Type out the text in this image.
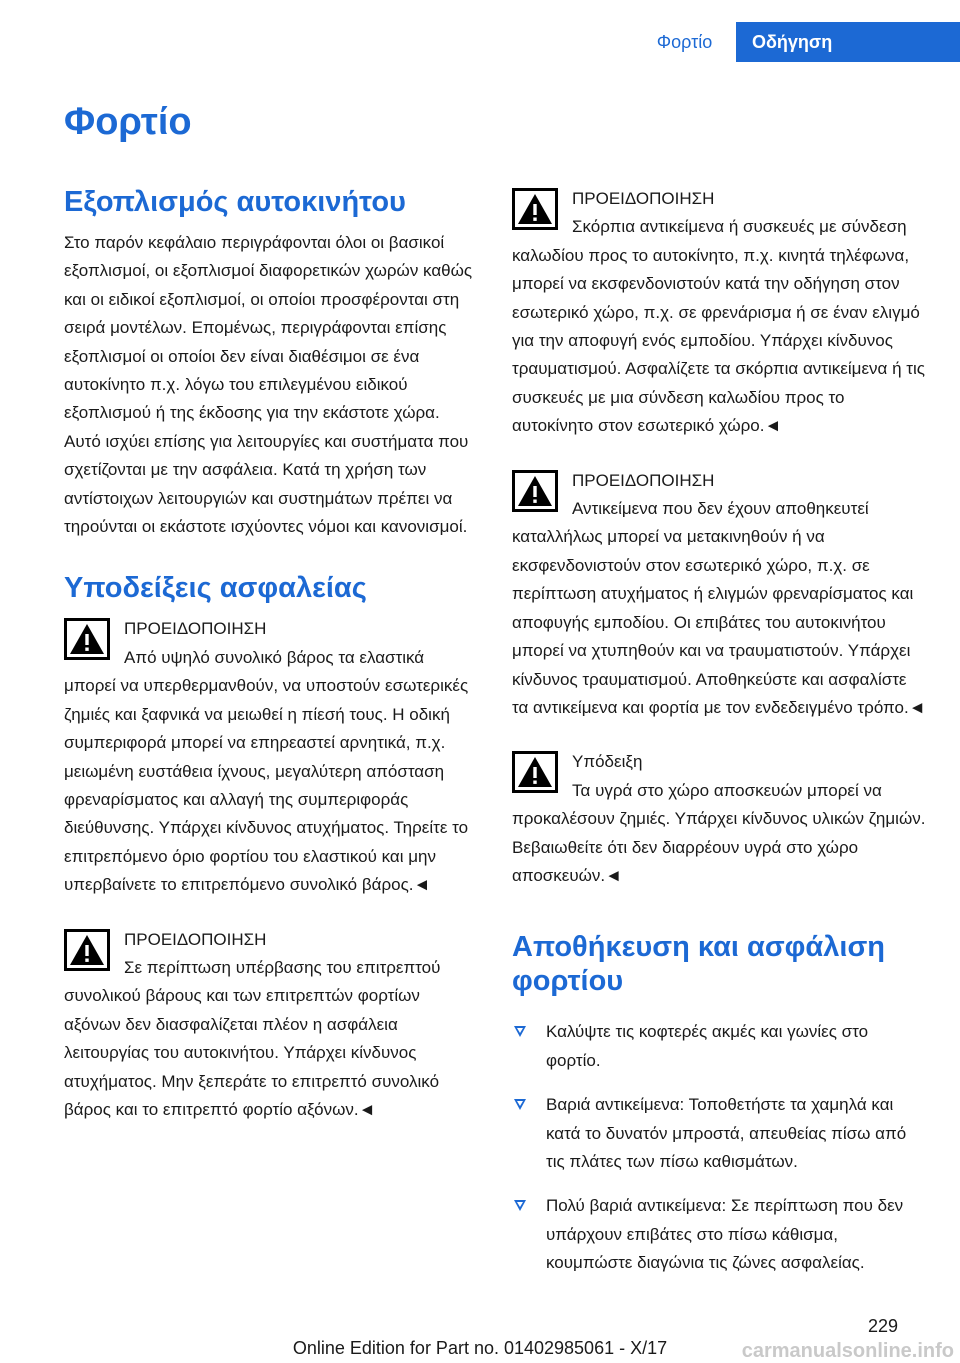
Φορτίο	Οδήγηση
Φορτίο
Εξοπλισμός αυτοκινήτου

Στο παρόν κεφάλαιο περιγράφονται όλοι οι βασικοί εξοπλισμοί, οι εξοπλισμοί διαφορετικών χωρών καθώς και οι ειδικοί εξοπλισμοί, οι οποίοι προσφέρονται στη σειρά μοντέλων. Επομένως, περιγράφονται επίσης εξοπλισμοί οι οποίοι δεν είναι διαθέσιμοι σε ένα αυτοκίνητο π.χ. λόγω του επιλεγμένου ειδικού εξοπλισμού ή της έκδοσης για την εκάστοτε χώρα. Αυτό ισχύει επίσης για λειτουργίες και συστήματα που σχετίζονται με την ασφάλεια. Κατά τη χρήση των αντίστοιχων λειτουργιών και συστημάτων πρέπει να τηρούνται οι εκάστοτε ισχύοντες νόμοι και κανονισμοί.

Υποδείξεις ασφαλείας

ΠΡΟΕΙΔΟΠΟΙΗΣΗ

Από υψηλό συνολικό βάρος τα ελαστικά μπορεί να υπερθερμανθούν, να υποστούν εσωτερικές ζημιές και ξαφνικά να μειωθεί η πίεσή τους. Η οδική συμπεριφορά μπορεί να επηρεαστεί αρνητικά, π.χ. μειωμένη ευστάθεια ίχνους, μεγαλύτερη απόσταση φρεναρίσματος και αλλαγή της συμπεριφοράς διεύθυνσης. Υπάρχει κίνδυνος ατυχήματος. Τηρείτε το επιτρεπόμενο όριο φορτίου του ελαστικού και μην υπερβαίνετε το επιτρεπόμενο συνολικό βάρος.◄

ΠΡΟΕΙΔΟΠΟΙΗΣΗ

Σε περίπτωση υπέρβασης του επιτρεπτού συνολικού βάρους και των επιτρεπτών φορτίων αξόνων δεν διασφαλίζεται πλέον η ασφάλεια λειτουργίας του αυτοκινήτου. Υπάρχει κίνδυνος ατυχήματος. Μην ξεπεράτε το επιτρεπτό συνολικό βάρος και το επιτρεπτό φορτίο αξόνων.◄

ΠΡΟΕΙΔΟΠΟΙΗΣΗ

Σκόρπια αντικείμενα ή συσκευές με σύνδεση καλωδίου προς το αυτοκίνητο, π.χ. κινητά τηλέφωνα, μπορεί να εκσφενδονιστούν κατά την οδήγηση στον εσωτερικό χώρο, π.χ. σε φρενάρισμα ή σε έναν ελιγμό για την αποφυγή ενός εμποδίου. Υπάρχει κίνδυνος τραυματισμού. Ασφαλίζετε τα σκόρπια αντικείμενα ή τις συσκευές με μια σύνδεση καλωδίου προς το αυτοκίνητο στον εσωτερικό χώρο.◄

ΠΡΟΕΙΔΟΠΟΙΗΣΗ

Αντικείμενα που δεν έχουν αποθηκευτεί καταλλήλως μπορεί να μετακινηθούν ή να εκσφενδονιστούν στον εσωτερικό χώρο, π.χ. σε περίπτωση ατυχήματος ή ελιγμών φρεναρίσματος και αποφυγής εμποδίου. Οι επιβάτες του αυτοκινήτου μπορεί να χτυπηθούν και να τραυματιστούν. Υπάρχει κίνδυνος τραυματισμού. Αποθηκεύστε και ασφαλίστε τα αντικείμενα και φορτία με τον ενδεδειγμένο τρόπο.◄

Υπόδειξη

Τα υγρά στο χώρο αποσκευών μπορεί να προκαλέσουν ζημιές. Υπάρχει κίνδυνος υλικών ζημιών. Βεβαιωθείτε ότι δεν διαρρέουν υγρά στο χώρο αποσκευών.◄

Αποθήκευση και ασφάλιση φορτίου
Καλύψτε τις κοφτερές ακμές και γωνίες στο φορτίο.
Βαριά αντικείμενα: Τοποθετήστε τα χαμηλά και κατά το δυνατόν μπροστά, απευθείας πίσω από τις πλάτες των πίσω καθισμάτων.
Πολύ βαριά αντικείμενα: Σε περίπτωση που δεν υπάρχουν επιβάτες στο πίσω κάθισμα, κουμπώστε διαγώνια τις ζώνες ασφαλείας.
229
Online Edition for Part no. 01402985061 - X/17	carmanualsonline.info
